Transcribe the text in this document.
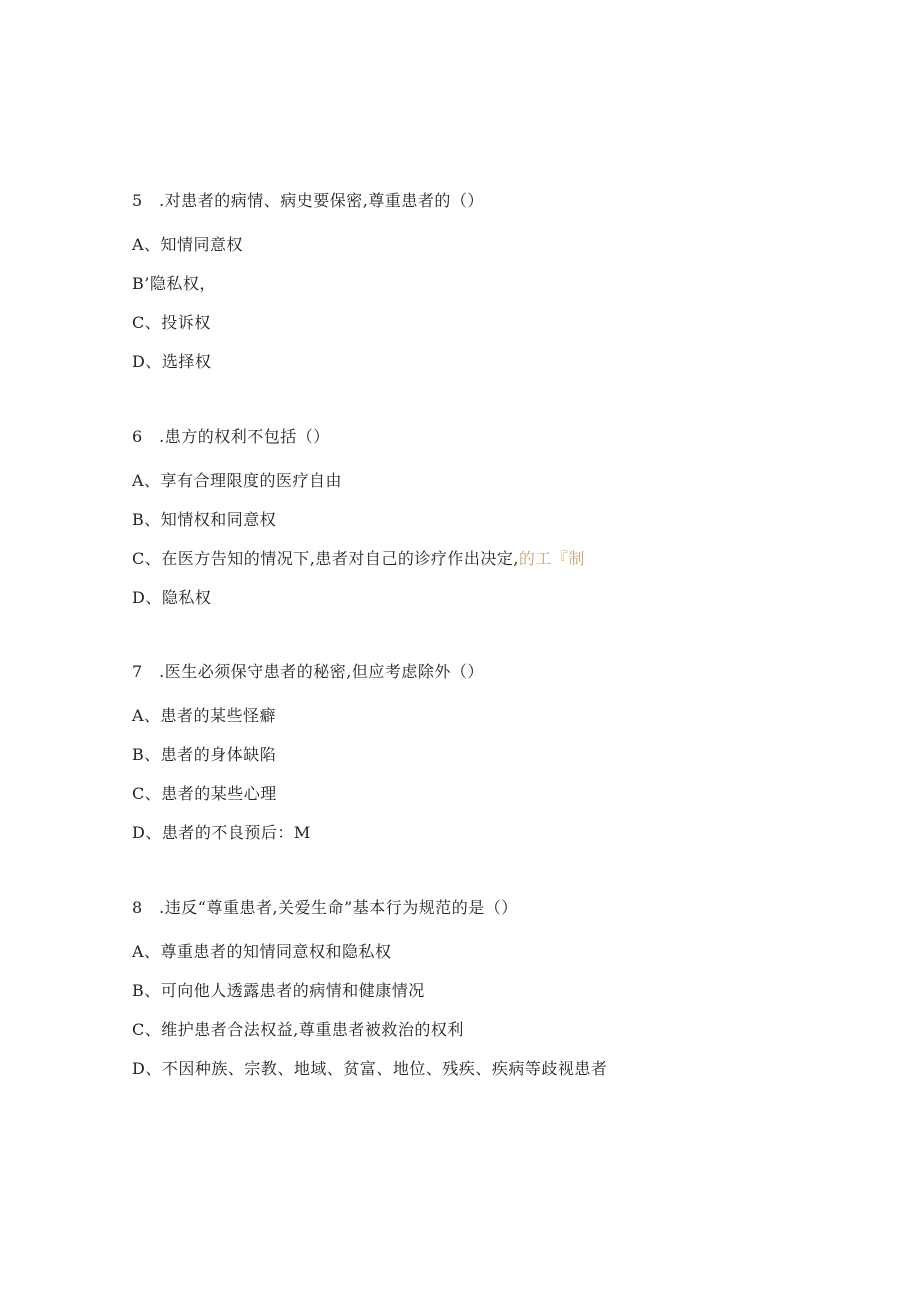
5　.对患者的病情、病史要保密,尊重患者的（）
A、知情同意权
B’隐私权，
C、投诉权
D、选择权
6　.患方的权利不包括（）
A、享有合理限度的医疗自由
B、知情权和同意权
C、在医方告知的情况下,患者对自己的诊疗作出决定,的工『制
D、隐私权
7　.医生必须保守患者的秘密,但应考虑除外（）
A、患者的某些怪癖
B、患者的身体缺陷
C、患者的某些心理
D、患者的不良预后：M
8　.违反“尊重患者,关爱生命”基本行为规范的是（）
A、尊重患者的知情同意权和隐私权
B、可向他人透露患者的病情和健康情况
C、维护患者合法权益,尊重患者被救治的权利
D、不因种族、宗教、地域、贫富、地位、残疾、疾病等歧视患者
